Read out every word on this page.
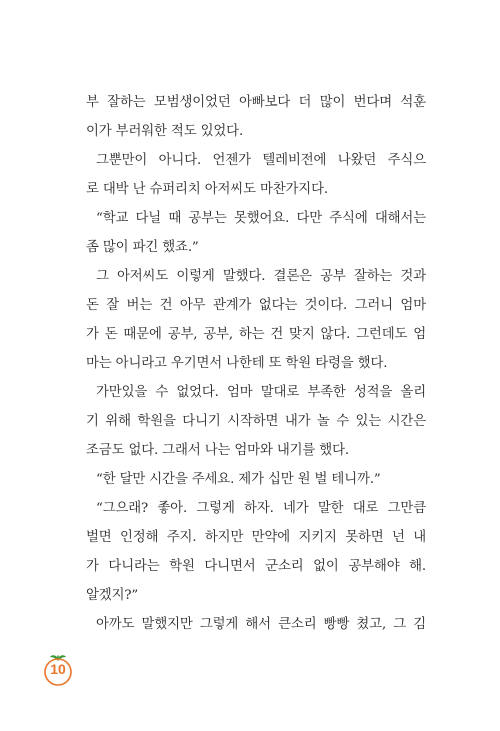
부 잘하는 모범생이었던 아빠보다 더 많이 번다며 석훈
이가 부러워한 적도 있었다.
그뿐만이 아니다. 언젠가 텔레비전에 나왔던 주식으
로 대박 난 슈퍼리치 아저씨도 마찬가지다.
“학교 다닐 때 공부는 못했어요. 다만 주식에 대해서는
좀 많이 파긴 했죠.”
그 아저씨도 이렇게 말했다. 결론은 공부 잘하는 것과
돈 잘 버는 건 아무 관계가 없다는 것이다. 그러니 엄마
가 돈 때문에 공부, 공부, 하는 건 맞지 않다. 그런데도 엄
마는 아니라고 우기면서 나한테 또 학원 타령을 했다.
가만있을 수 없었다. 엄마 말대로 부족한 성적을 올리
기 위해 학원을 다니기 시작하면 내가 놀 수 있는 시간은
조금도 없다. 그래서 나는 엄마와 내기를 했다.
“한 달만 시간을 주세요. 제가 십만 원 벌 테니까.”
“그으래? 좋아. 그렇게 하자. 네가 말한 대로 그만큼
벌면 인정해 주지. 하지만 만약에 지키지 못하면 넌 내
가 다니라는 학원 다니면서 군소리 없이 공부해야 해.
알겠지?”
아까도 말했지만 그렇게 해서 큰소리 빵빵 쳤고, 그 김
10
